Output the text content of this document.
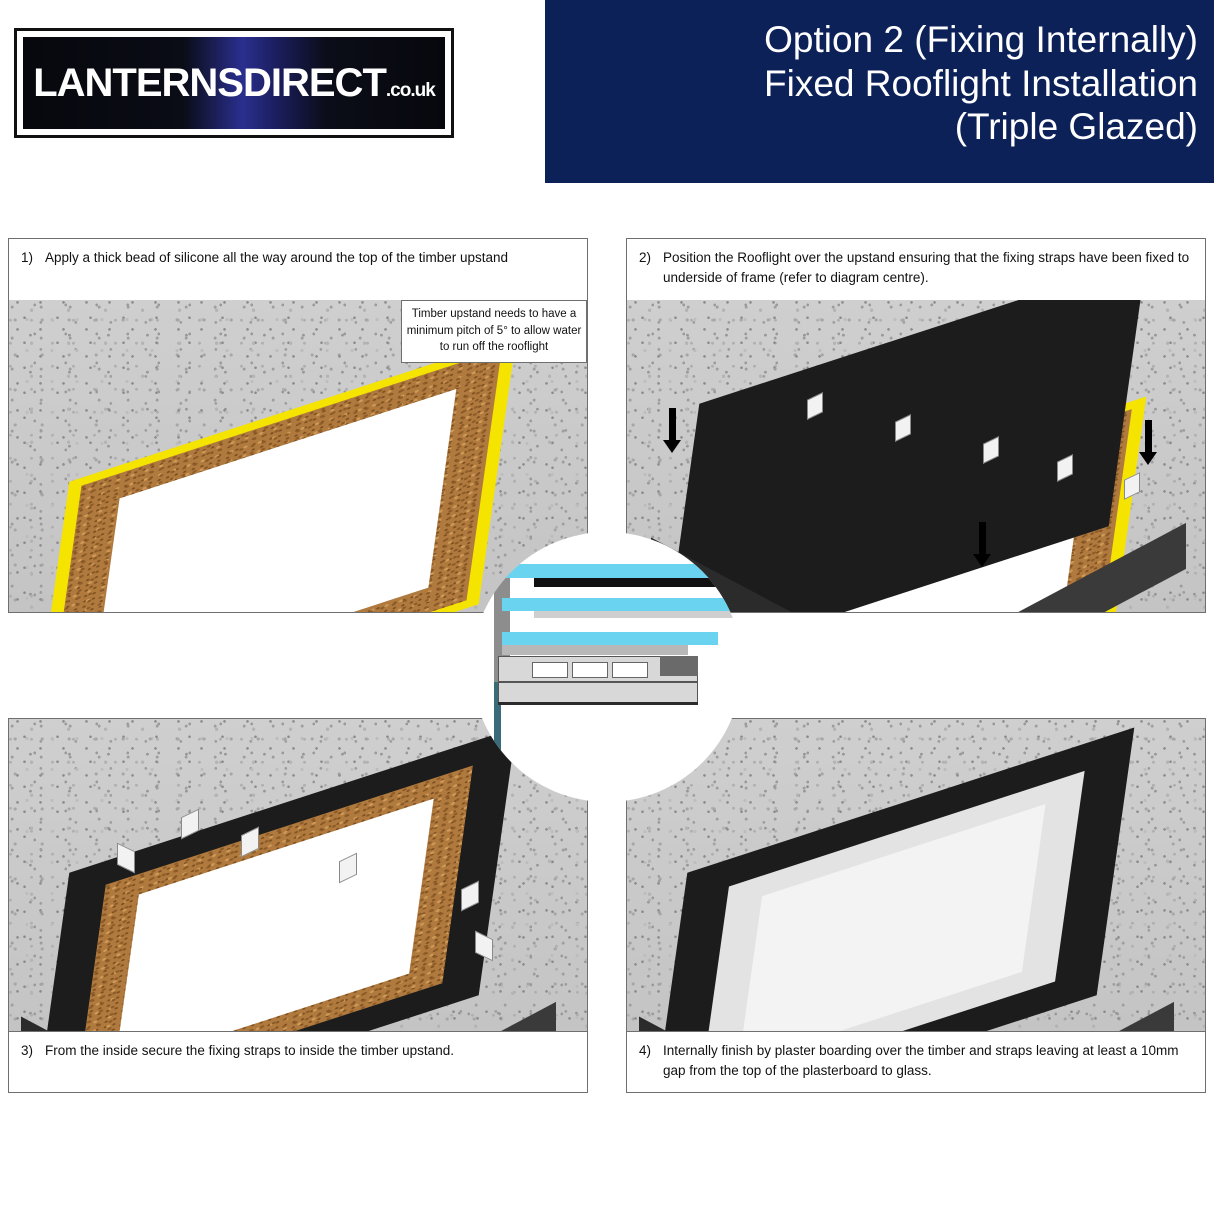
LANTERNSDIRECT.co.uk
Option 2 (Fixing Internally)
Fixed Rooflight Installation
(Triple Glazed)
1) Apply a thick bead of silicone all the way around the top of the timber upstand
Timber upstand needs to have a minimum pitch of 5° to allow water to run off the rooflight
2) Position the Rooflight over the upstand ensuring that the fixing straps have been fixed to underside of frame (refer to diagram centre).
3) From the inside secure the fixing straps to inside the timber upstand.	4) Internally finish by plaster boarding over the timber and straps leaving at least a 10mm gap from the top of the plasterboard to glass.
